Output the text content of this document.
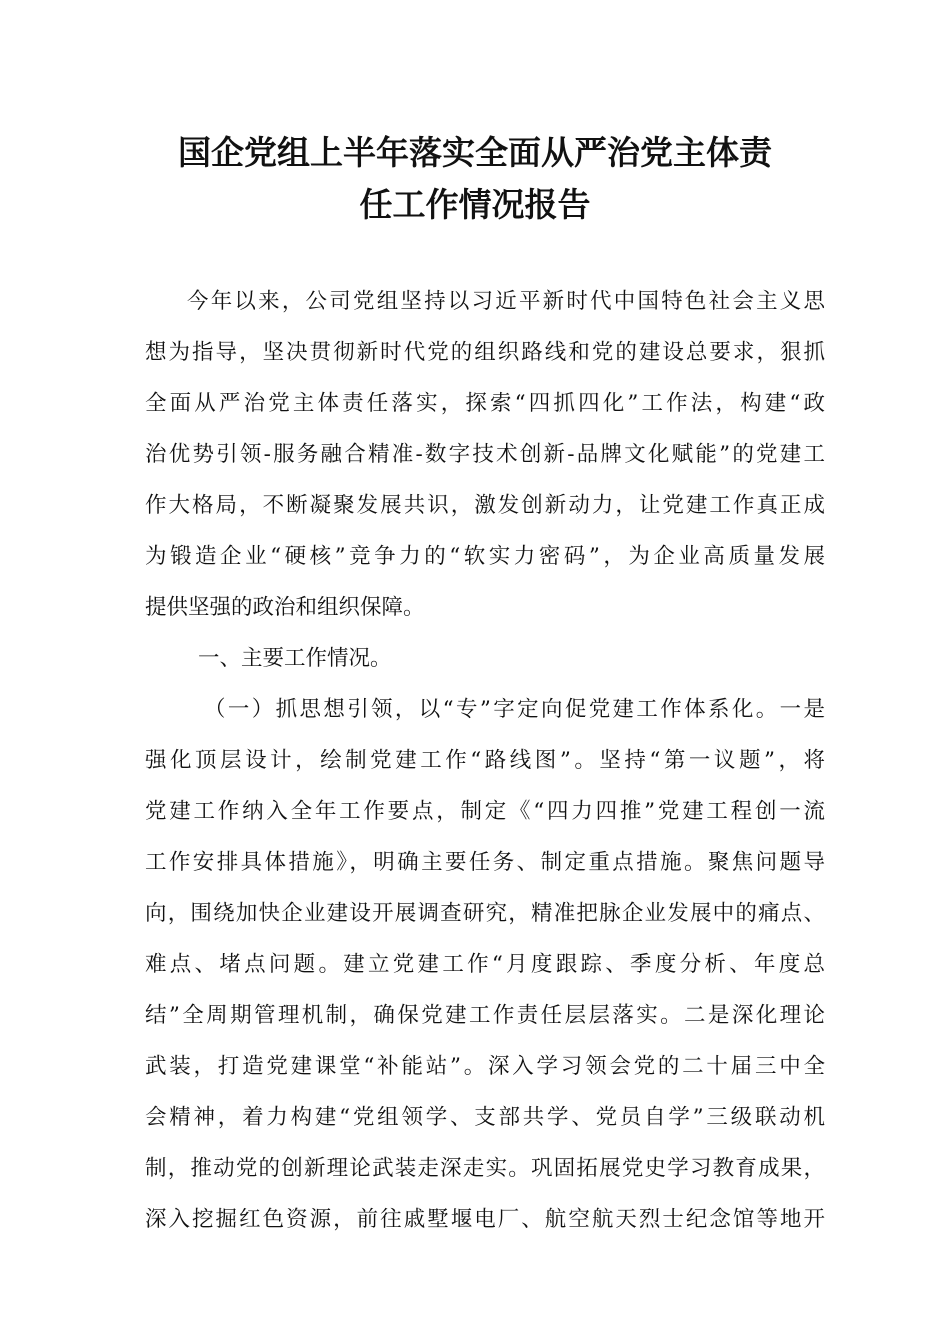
国企党组上半年落实全面从严治党主体责
任工作情况报告

今年以来，公司党组坚持以习近平新时代中国特色社会主义思

想为指导，坚决贯彻新时代党的组织路线和党的建设总要求，狠抓

全面从严治党主体责任落实，探索“四抓四化”工作法，构建“政

治优势引领-服务融合精准-数字技术创新-品牌文化赋能”的党建工

作大格局，不断凝聚发展共识，激发创新动力，让党建工作真正成

为锻造企业“硬核”竞争力的“软实力密码”，为企业高质量发展

提供坚强的政治和组织保障。

一、主要工作情况。

（一）抓思想引领，以“专”字定向促党建工作体系化。一是

强化顶层设计，绘制党建工作“路线图”。坚持“第一议题”，将

党建工作纳入全年工作要点，制定《“四力四推”党建工程创一流

工作安排具体措施》，明确主要任务、制定重点措施。聚焦问题导

向，围绕加快企业建设开展调查研究，精准把脉企业发展中的痛点、

难点、堵点问题。建立党建工作“月度跟踪、季度分析、年度总

结”全周期管理机制，确保党建工作责任层层落实。二是深化理论

武装，打造党建课堂“补能站”。深入学习领会党的二十届三中全

会精神，着力构建“党组领学、支部共学、党员自学”三级联动机

制，推动党的创新理论武装走深走实。巩固拓展党史学习教育成果，

深入挖掘红色资源，前往戚墅堰电厂、航空航天烈士纪念馆等地开
